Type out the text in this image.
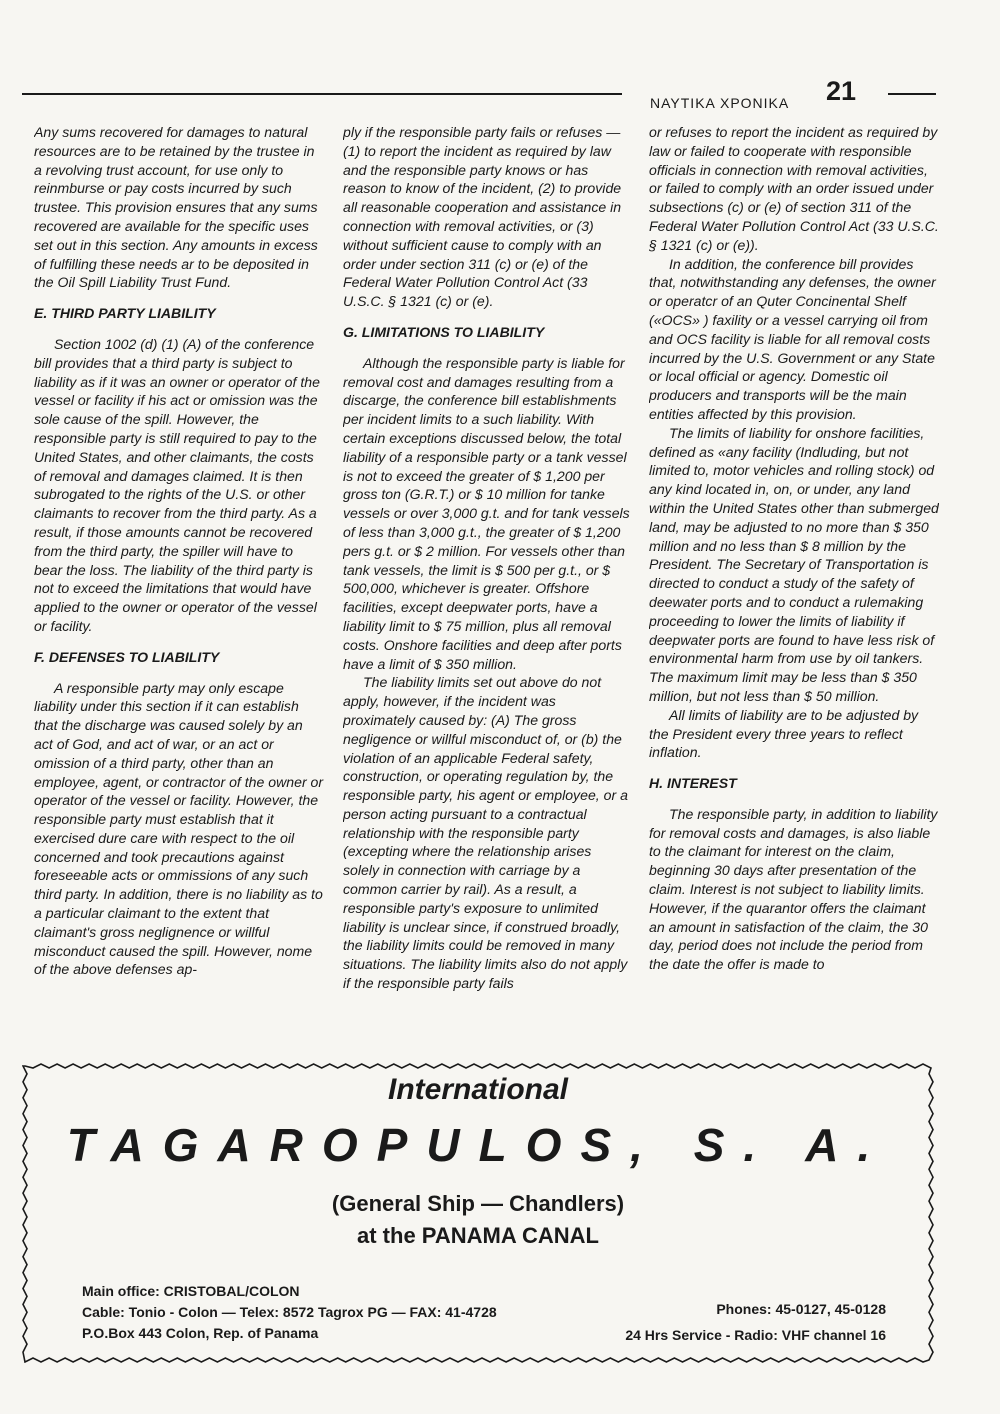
ΝΑΥΤΙΚΑ ΧΡΟΝΙΚΑ 21

Any sums recovered for damages to natural resources are to be retained by the trustee in a revolving trust account, for use only to reinmburse or pay costs incurred by such trustee. This provision ensures that any sums recovered are available for the specific uses set out in this section. Any amounts in excess of fulfilling these needs ar to be deposited in the Oil Spill Liability Trust Fund.

E. THIRD PARTY LIABILITY

Section 1002 (d) (1) (A) of the conference bill provides that a third party is subject to liability as if it was an owner or operator of the vessel or facility if his act or omission was the sole cause of the spill. However, the responsible party is still required to pay to the United States, and other claimants, the costs of removal and damages claimed. It is then subrogated to the rights of the U.S. or other claimants to recover from the third party. As a result, if those amounts cannot be recovered from the third party, the spiller will have to bear the loss. The liability of the third party is not to exceed the limitations that would have applied to the owner or operator of the vessel or facility.

F. DEFENSES TO LIABILITY

A responsible party may only escape liability under this section if it can establish that the discharge was caused solely by an act of God, and act of war, or an act or omission of a third party, other than an employee, agent, or contractor of the owner or operator of the vessel or facility. However, the responsible party must establish that it exercised dure care with respect to the oil concerned and took precautions against foreseeable acts or ommissions of any such third party. In addition, there is no liability as to a particular claimant to the extent that claimant's gross neglignence or willful misconduct caused the spill. However, nome of the above defenses ap-

ply if the responsible party fails or refuses — (1) to report the incident as required by law and the responsible party knows or has reason to know of the incident, (2) to provide all reasonable cooperation and assistance in connection with removal activities, or (3) without sufficient cause to comply with an order under section 311 (c) or (e) of the Federal Water Pollution Control Act (33 U.S.C. § 1321 (c) or (e).

G. LIMITATIONS TO LIABILITY

Although the responsible party is liable for removal cost and damages resulting from a discarge, the conference bill establishments per incident limits to a such liability. With certain exceptions discussed below, the total liability of a responsible party or a tank vessel is not to exceed the greater of $ 1,200 per gross ton (G.R.T.) or $ 10 million for tanke vessels or over 3,000 g.t. and for tank vessels of less than 3,000 g.t., the greater of $ 1,200 pers g.t. or $ 2 million. For vessels other than tank vessels, the limit is $ 500 per g.t., or $ 500,000, whichever is greater. Offshore facilities, except deepwater ports, have a liability limit to $ 75 million, plus all removal costs. Onshore facilities and deep after ports have a limit of $ 350 million.

The liability limits set out above do not apply, however, if the incident was proximately caused by: (A) The gross negligence or willful misconduct of, or (b) the violation of an applicable Federal safety, construction, or operating regulation by, the responsible party, his agent or employee, or a person acting pursuant to a contractual relationship with the responsible party (excepting where the relationship arises solely in connection with carriage by a common carrier by rail). As a result, a responsible party's exposure to unlimited liability is unclear since, if construed broadly, the liability limits could be removed in many situations. The liability limits also do not apply if the responsible party fails

or refuses to report the incident as required by law or failed to cooperate with responsible officials in connection with removal activities, or failed to comply with an order issued under subsections (c) or (e) of section 311 of the Federal Water Pollution Control Act (33 U.S.C. § 1321 (c) or (e)).

In addition, the conference bill provides that, notwithstanding any defenses, the owner or operatcr of an Quter Concinental Shelf («OCS» ) faxility or a vessel carrying oil from and OCS facility is liable for all removal costs incurred by the U.S. Government or any State or local official or agency. Domestic oil producers and transports will be the main entities affected by this provision.

The limits of liability for onshore facilities, defined as «any facility (Indluding, but not limited to, motor vehicles and rolling stock) od any kind located in, on, or under, any land within the United States other than submerged land, may be adjusted to no more than $ 350 million and no less than $ 8 million by the President. The Secretary of Transportation is directed to conduct a study of the safety of deewater ports and to conduct a rulemaking proceeding to lower the limits of liability if deepwater ports are found to have less risk of environmental harm from use by oil tankers. The maximum limit may be less than $ 350 million, but not less than $ 50 million.

All limits of liability are to be adjusted by the President every three years to reflect inflation.

H. INTEREST

The responsible party, in addition to liability for removal costs and damages, is also liable to the claimant for interest on the claim, beginning 30 days after presentation of the claim. Interest is not subject to liability limits. However, if the quarantor offers the claimant an amount in satisfaction of the claim, the 30 day, period does not include the period from the date the offer is made to

International
TAGAROPULOS, S. A.
(General Ship — Chandlers)
at the PANAMA CANAL
Main office: CRISTOBAL/COLON
Cable: Tonio - Colon — Telex: 8572 Tagrox PG — FAX: 41-4728
P.O.Box 443 Colon, Rep. of Panama
Phones: 45-0127, 45-0128
24 Hrs Service - Radio: VHF channel 16
